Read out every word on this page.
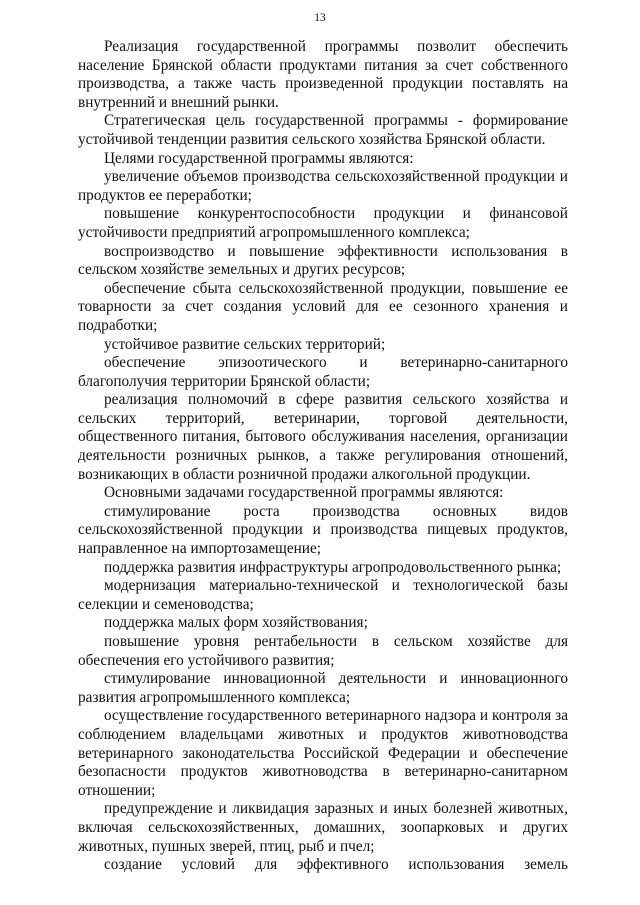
13

Реализация государственной программы позволит обеспечить население Брянской области продуктами питания за счет собственного производства, а также часть произведенной продукции поставлять на внутренний и внешний рынки.

Стратегическая цель государственной программы - формирование устойчивой тенденции развития сельского хозяйства Брянской области.

Целями государственной программы являются:

увеличение объемов производства сельскохозяйственной продукции и продуктов ее переработки;

повышение конкурентоспособности продукции и финансовой устойчивости предприятий агропромышленного комплекса;

воспроизводство и повышение эффективности использования в сельском хозяйстве земельных и других ресурсов;

обеспечение сбыта сельскохозяйственной продукции, повышение ее товарности за счет создания условий для ее сезонного хранения и подработки;

устойчивое развитие сельских территорий;

обеспечение эпизоотического и ветеринарно-санитарного благополучия территории Брянской области;

реализация полномочий в сфере развития сельского хозяйства и сельских территорий, ветеринарии, торговой деятельности, общественного питания, бытового обслуживания населения, организации деятельности розничных рынков, а также регулирования отношений, возникающих в области розничной продажи алкогольной продукции.

Основными задачами государственной программы являются:

стимулирование роста производства основных видов сельскохозяйственной продукции и производства пищевых продуктов, направленное на импортозамещение;

поддержка развития инфраструктуры агропродовольственного рынка;

модернизация материально-технической и технологической базы селекции и семеноводства;

поддержка малых форм хозяйствования;

повышение уровня рентабельности в сельском хозяйстве для обеспечения его устойчивого развития;

стимулирование инновационной деятельности и инновационного развития агропромышленного комплекса;

осуществление государственного ветеринарного надзора и контроля за соблюдением владельцами животных и продуктов животноводства ветеринарного законодательства Российской Федерации и обеспечение безопасности продуктов животноводства в ветеринарно-санитарном отношении;

предупреждение и ликвидация заразных и иных болезней животных, включая сельскохозяйственных, домашних, зоопарковых и других животных, пушных зверей, птиц, рыб и пчел;

создание условий для эффективного использования земель
